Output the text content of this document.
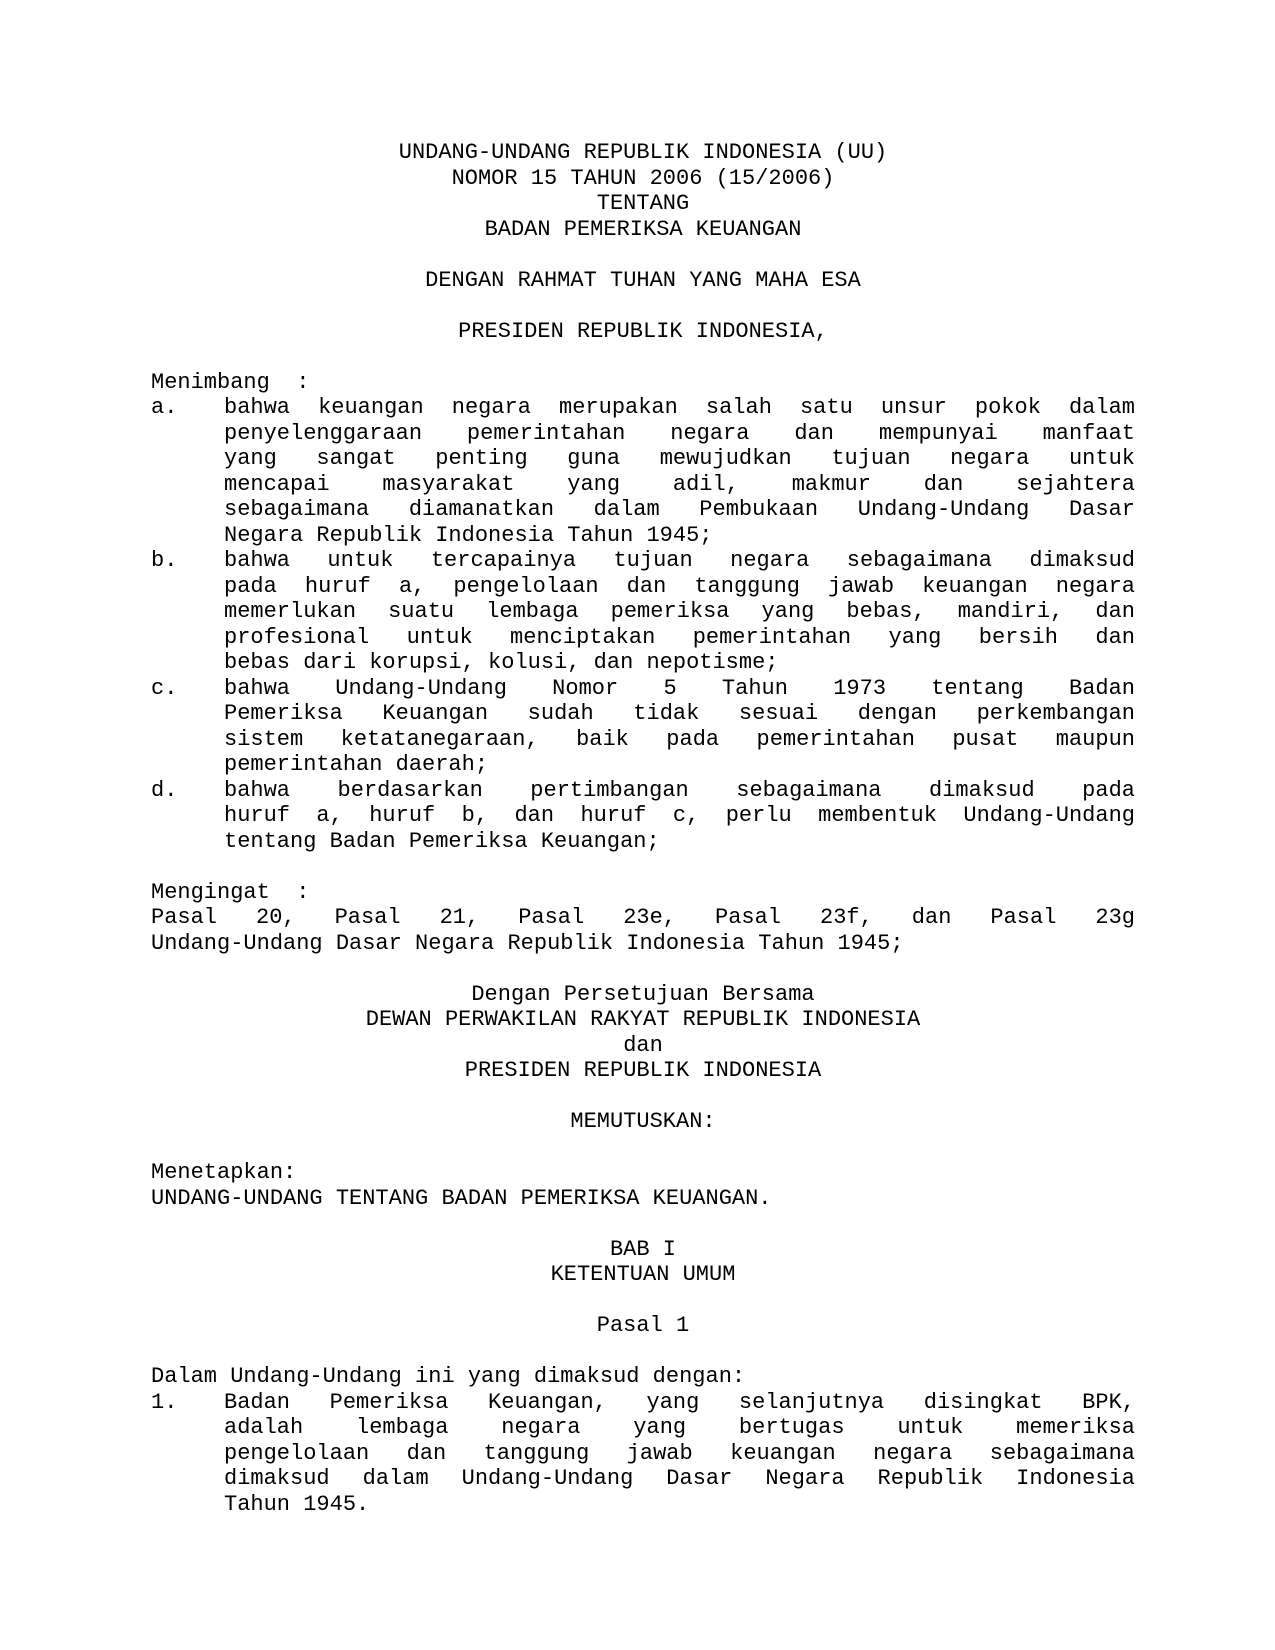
UNDANG-UNDANG REPUBLIK INDONESIA (UU)
NOMOR 15 TAHUN 2006 (15/2006)
TENTANG
BADAN PEMERIKSA KEUANGAN
DENGAN RAHMAT TUHAN YANG MAHA ESA
PRESIDEN REPUBLIK INDONESIA,
Menimbang  :
a. bahwa keuangan negara merupakan salah satu unsur pokok dalam
penyelenggaraan pemerintahan negara dan mempunyai manfaat
yang sangat penting guna mewujudkan tujuan negara untuk
mencapai masyarakat yang adil, makmur dan sejahtera
sebagaimana diamanatkan dalam Pembukaan Undang-Undang Dasar
Negara Republik Indonesia Tahun 1945;
b. bahwa untuk tercapainya tujuan negara sebagaimana dimaksud
pada huruf a, pengelolaan dan tanggung jawab keuangan negara
memerlukan suatu lembaga pemeriksa yang bebas, mandiri, dan
profesional untuk menciptakan pemerintahan yang bersih dan
bebas dari korupsi, kolusi, dan nepotisme;
c. bahwa Undang-Undang Nomor 5 Tahun 1973 tentang Badan
Pemeriksa Keuangan sudah tidak sesuai dengan perkembangan
sistem ketatanegaraan, baik pada pemerintahan pusat maupun
pemerintahan daerah;
d. bahwa berdasarkan pertimbangan sebagaimana dimaksud pada
huruf a, huruf b, dan huruf c, perlu membentuk Undang-Undang
tentang Badan Pemeriksa Keuangan;
Mengingat  :
Pasal 20, Pasal 21, Pasal 23e, Pasal 23f, dan Pasal 23g
Undang-Undang Dasar Negara Republik Indonesia Tahun 1945;
Dengan Persetujuan Bersama
DEWAN PERWAKILAN RAKYAT REPUBLIK INDONESIA
dan
PRESIDEN REPUBLIK INDONESIA
MEMUTUSKAN:
Menetapkan:
UNDANG-UNDANG TENTANG BADAN PEMERIKSA KEUANGAN.
BAB I
KETENTUAN UMUM
Pasal 1
Dalam Undang-Undang ini yang dimaksud dengan:
1. Badan Pemeriksa Keuangan, yang selanjutnya disingkat BPK,
adalah lembaga negara yang bertugas untuk memeriksa
pengelolaan dan tanggung jawab keuangan negara sebagaimana
dimaksud dalam Undang-Undang Dasar Negara Republik Indonesia
Tahun 1945.
